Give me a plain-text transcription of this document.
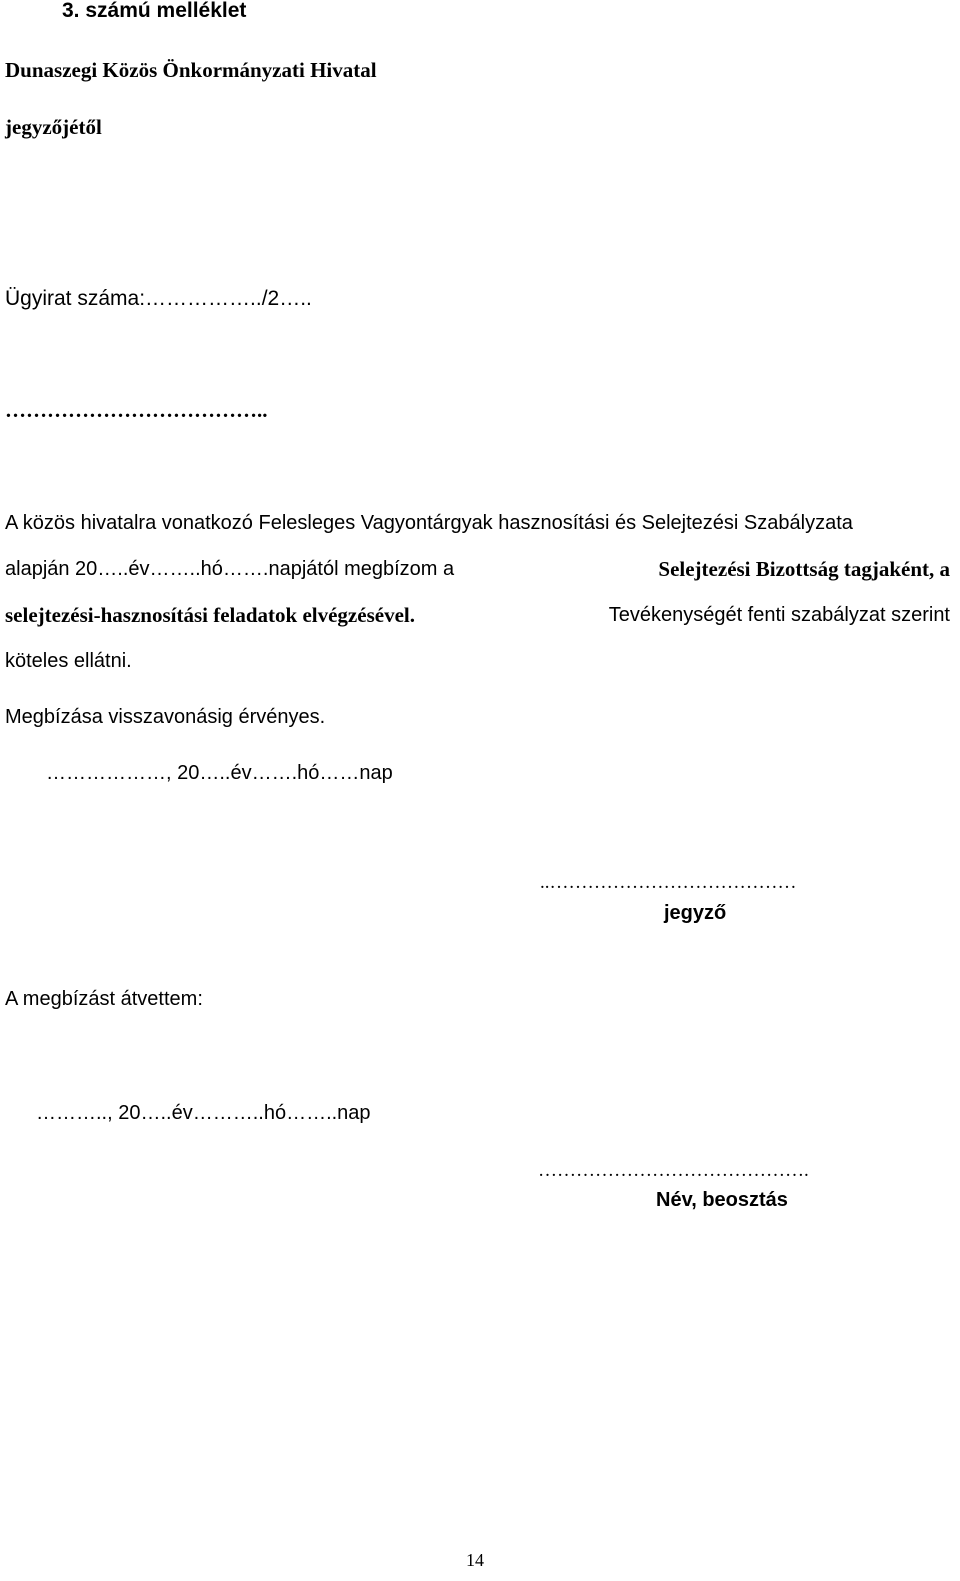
3. számú melléklet
Dunaszegi Közös Önkormányzati Hivatal
jegyzőjétől
Ügyirat száma:……………../2…..
………………………………..
A közös hivatalra vonatkozó Felesleges Vagyontárgyak hasznosítási és Selejtezési Szabályzata
alapján 20…..év……..hó…….napjától megbízom a	Selejtezési Bizottság tagjaként, a
selejtezési-hasznosítási feladatok elvégzésével.	Tevékenységét fenti szabályzat szerint
köteles ellátni.
Megbízása visszavonásig érvényes.
………………, 20…..év…….hó……nap
..…………………………………
jegyző
A megbízást átvettem:
……….., 20…..év………..hó……..nap
…………………………………….
Név, beosztás
14
